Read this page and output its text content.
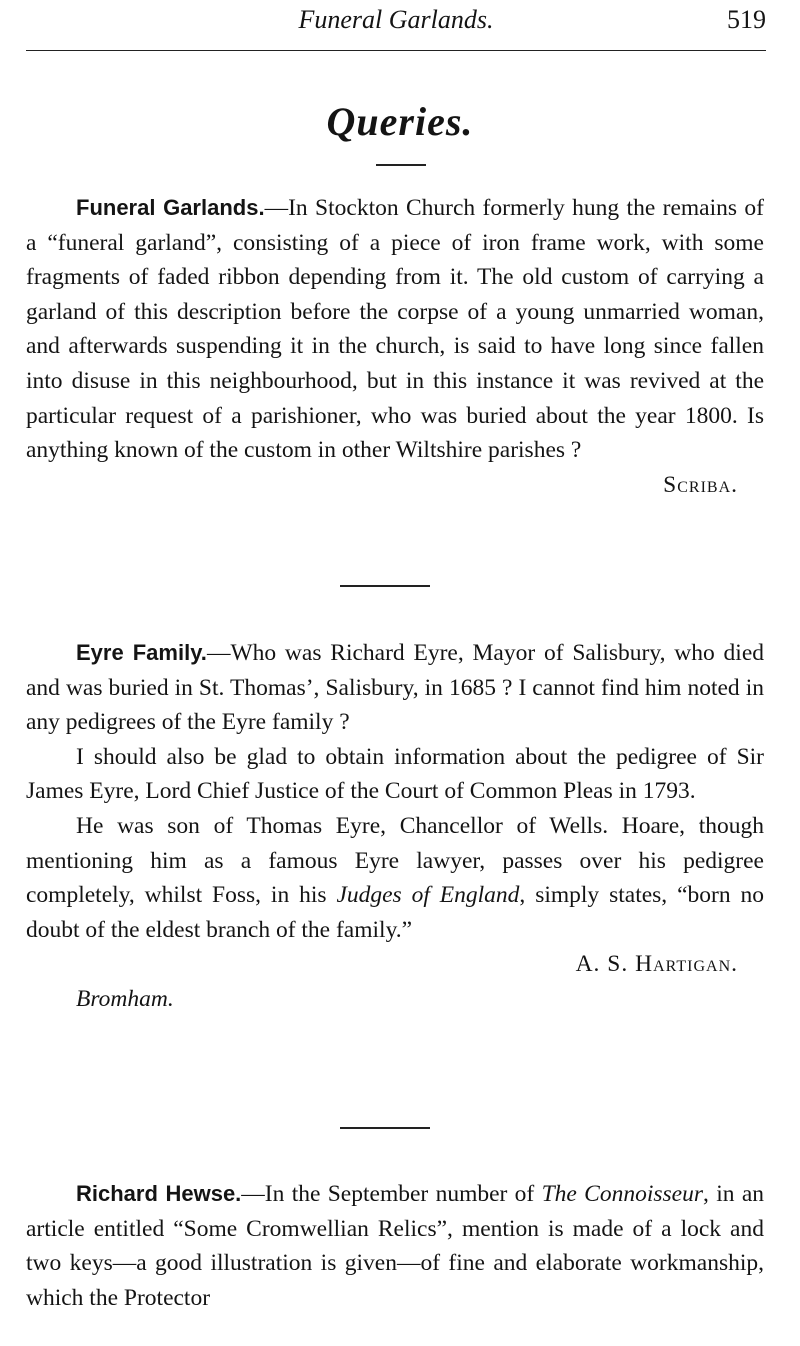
Funeral Garlands.	519
Queries.

Funeral Garlands.—In Stockton Church formerly hung the remains of a “funeral garland”, consisting of a piece of iron frame work, with some fragments of faded ribbon depending from it. The old custom of carrying a garland of this description before the corpse of a young unmarried woman, and afterwards suspending it in the church, is said to have long since fallen into disuse in this neighbourhood, but in this instance it was revived at the particular request of a parishioner, who was buried about the year 1800. Is anything known of the custom in other Wiltshire parishes ?

Scriba.

Eyre Family.—Who was Richard Eyre, Mayor of Salisbury, who died and was buried in St. Thomas’, Salisbury, in 1685 ? I cannot find him noted in any pedigrees of the Eyre family ?

I should also be glad to obtain information about the pedigree of Sir James Eyre, Lord Chief Justice of the Court of Common Pleas in 1793.

He was son of Thomas Eyre, Chancellor of Wells. Hoare, though mentioning him as a famous Eyre lawyer, passes over his pedigree completely, whilst Foss, in his Judges of England, simply states, “born no doubt of the eldest branch of the family.”

A. S. Hartigan.
Bromham.

Richard Hewse.—In the September number of The Connoisseur, in an article entitled “Some Cromwellian Relics”, mention is made of a lock and two keys—a good illustration is given—of fine and elaborate workmanship, which the Protector
